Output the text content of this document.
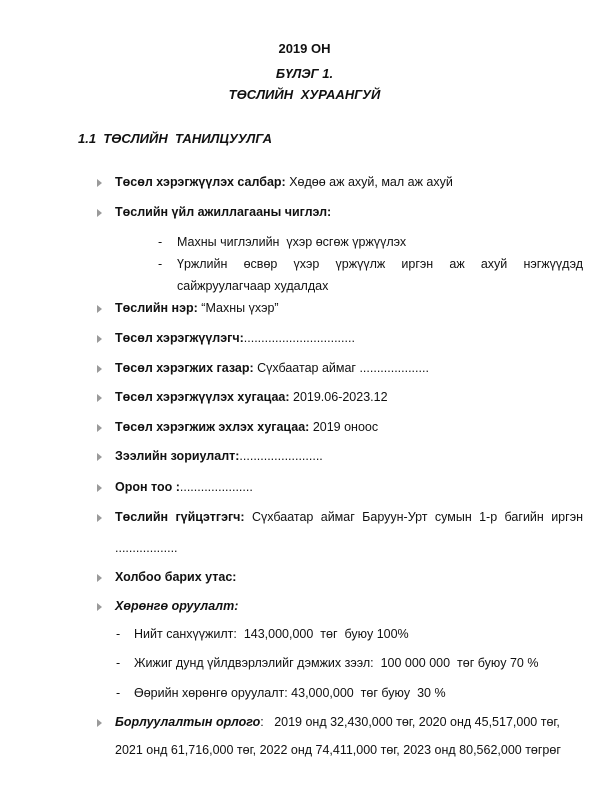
2019 ОН
БҮЛЭГ 1.
ТӨСЛИЙН ХУРААНГУЙ
1.1  ТӨСЛИЙН  ТАНИЛЦУУЛГА
Төсөл хэрэгжүүлэх салбар: Хөдөө аж ахуй, мал аж ахуй
Төслийн үйл ажиллагааны чиглэл:
- Махны чиглэлийн  үхэр өсгөж үржүүлэх
- Үржлийн өсвөр үхэр үржүүлж иргэн аж ахуй нэгжүүдэд
сайжруулагчаар худалдах
Төслийн нэр: “Махны үхэр”
Төсөл хэрэгжүүлэгч:................................
Төсөл хэрэгжих газар: Сүхбаатар аймаг ....................
Төсөл хэрэгжүүлэх хугацаа: 2019.06-2023.12
Төсөл хэрэгжиж эхлэх хугацаа: 2019 оноос
Зээлийн зориулалт:........................
Орон тоо :.....................
Төслийн гүйцэтгэгч: Сүхбаатар аймаг Баруун-Урт сумын 1-р багийн иргэн
..................
Холбоо барих утас:
Хөрөнгө оруулалт:
- Нийт санхүүжилт:  143,000,000  төг  буюу 100%
- Жижиг дунд үйлдвэрлэлийг дэмжих зээл:  100 000 000  төг буюу 70 %
- Өөрийн хөрөнгө оруулалт: 43,000,000  төг буюу  30 %
Борлуулалтын орлого:   2019 онд 32,430,000 төг, 2020 онд 45,517,000 төг,
2021 онд 61,716,000 төг, 2022 онд 74,411,000 төг, 2023 онд 80,562,000 төгрөг
